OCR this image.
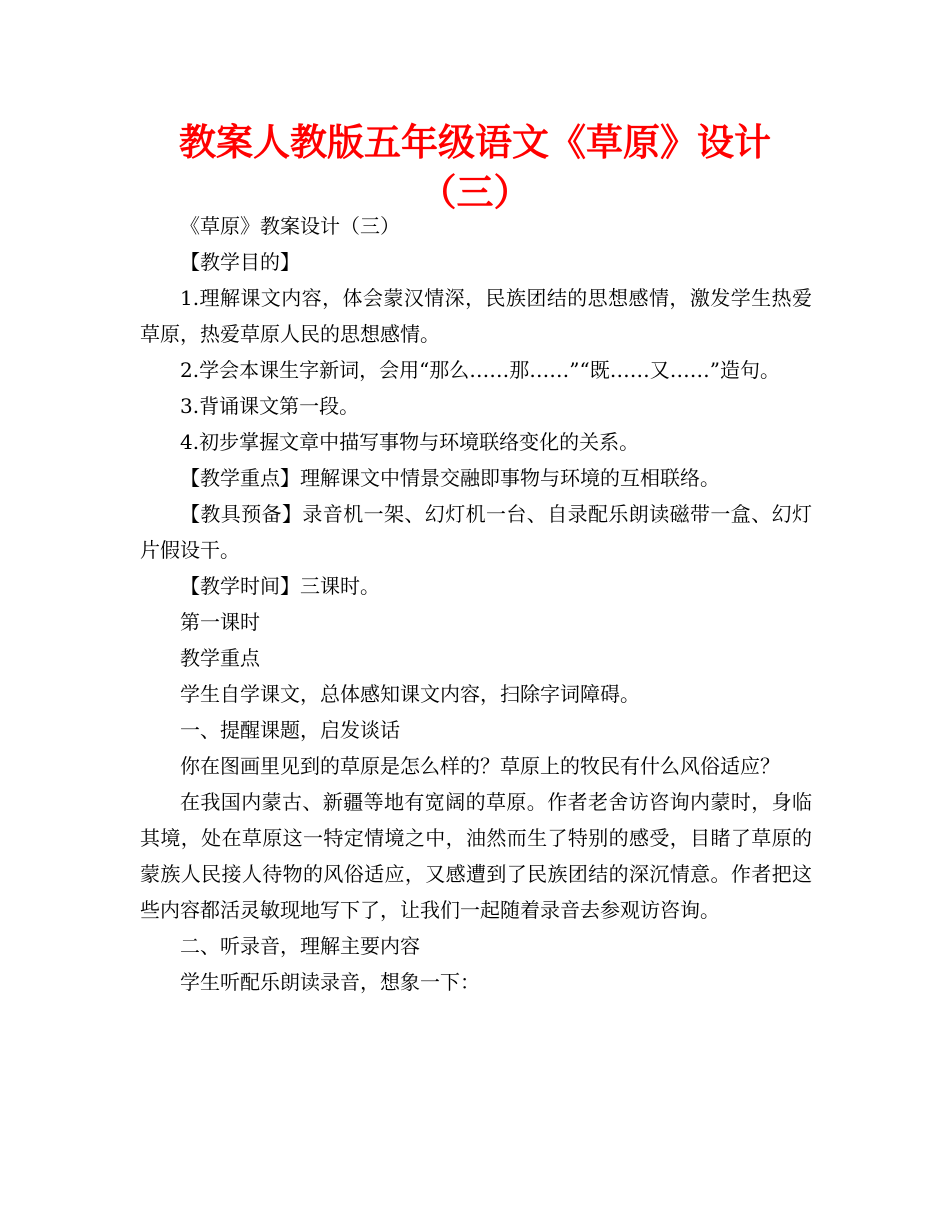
教案人教版五年级语文《草原》设计
（三）

《草原》教案设计（三）

【教学目的】

1.理解课文内容，体会蒙汉情深，民族团结的思想感情，激发学生热爱草原，热爱草原人民的思想感情。

2.学会本课生字新词，会用“那么……那……”“既……又……”造句。

3.背诵课文第一段。

4.初步掌握文章中描写事物与环境联络变化的关系。

【教学重点】理解课文中情景交融即事物与环境的互相联络。

【教具预备】录音机一架、幻灯机一台、自录配乐朗读磁带一盒、幻灯片假设干。

【教学时间】三课时。

第一课时

教学重点

学生自学课文，总体感知课文内容，扫除字词障碍。

一、提醒课题，启发谈话

你在图画里见到的草原是怎么样的？草原上的牧民有什么风俗适应？

在我国内蒙古、新疆等地有宽阔的草原。作者老舍访咨询内蒙时，身临其境，处在草原这一特定情境之中，油然而生了特别的感受，目睹了草原的蒙族人民接人待物的风俗适应，又感遭到了民族团结的深沉情意。作者把这些内容都活灵敏现地写下了，让我们一起随着录音去参观访咨询。

二、听录音，理解主要内容

学生听配乐朗读录音，想象一下：
